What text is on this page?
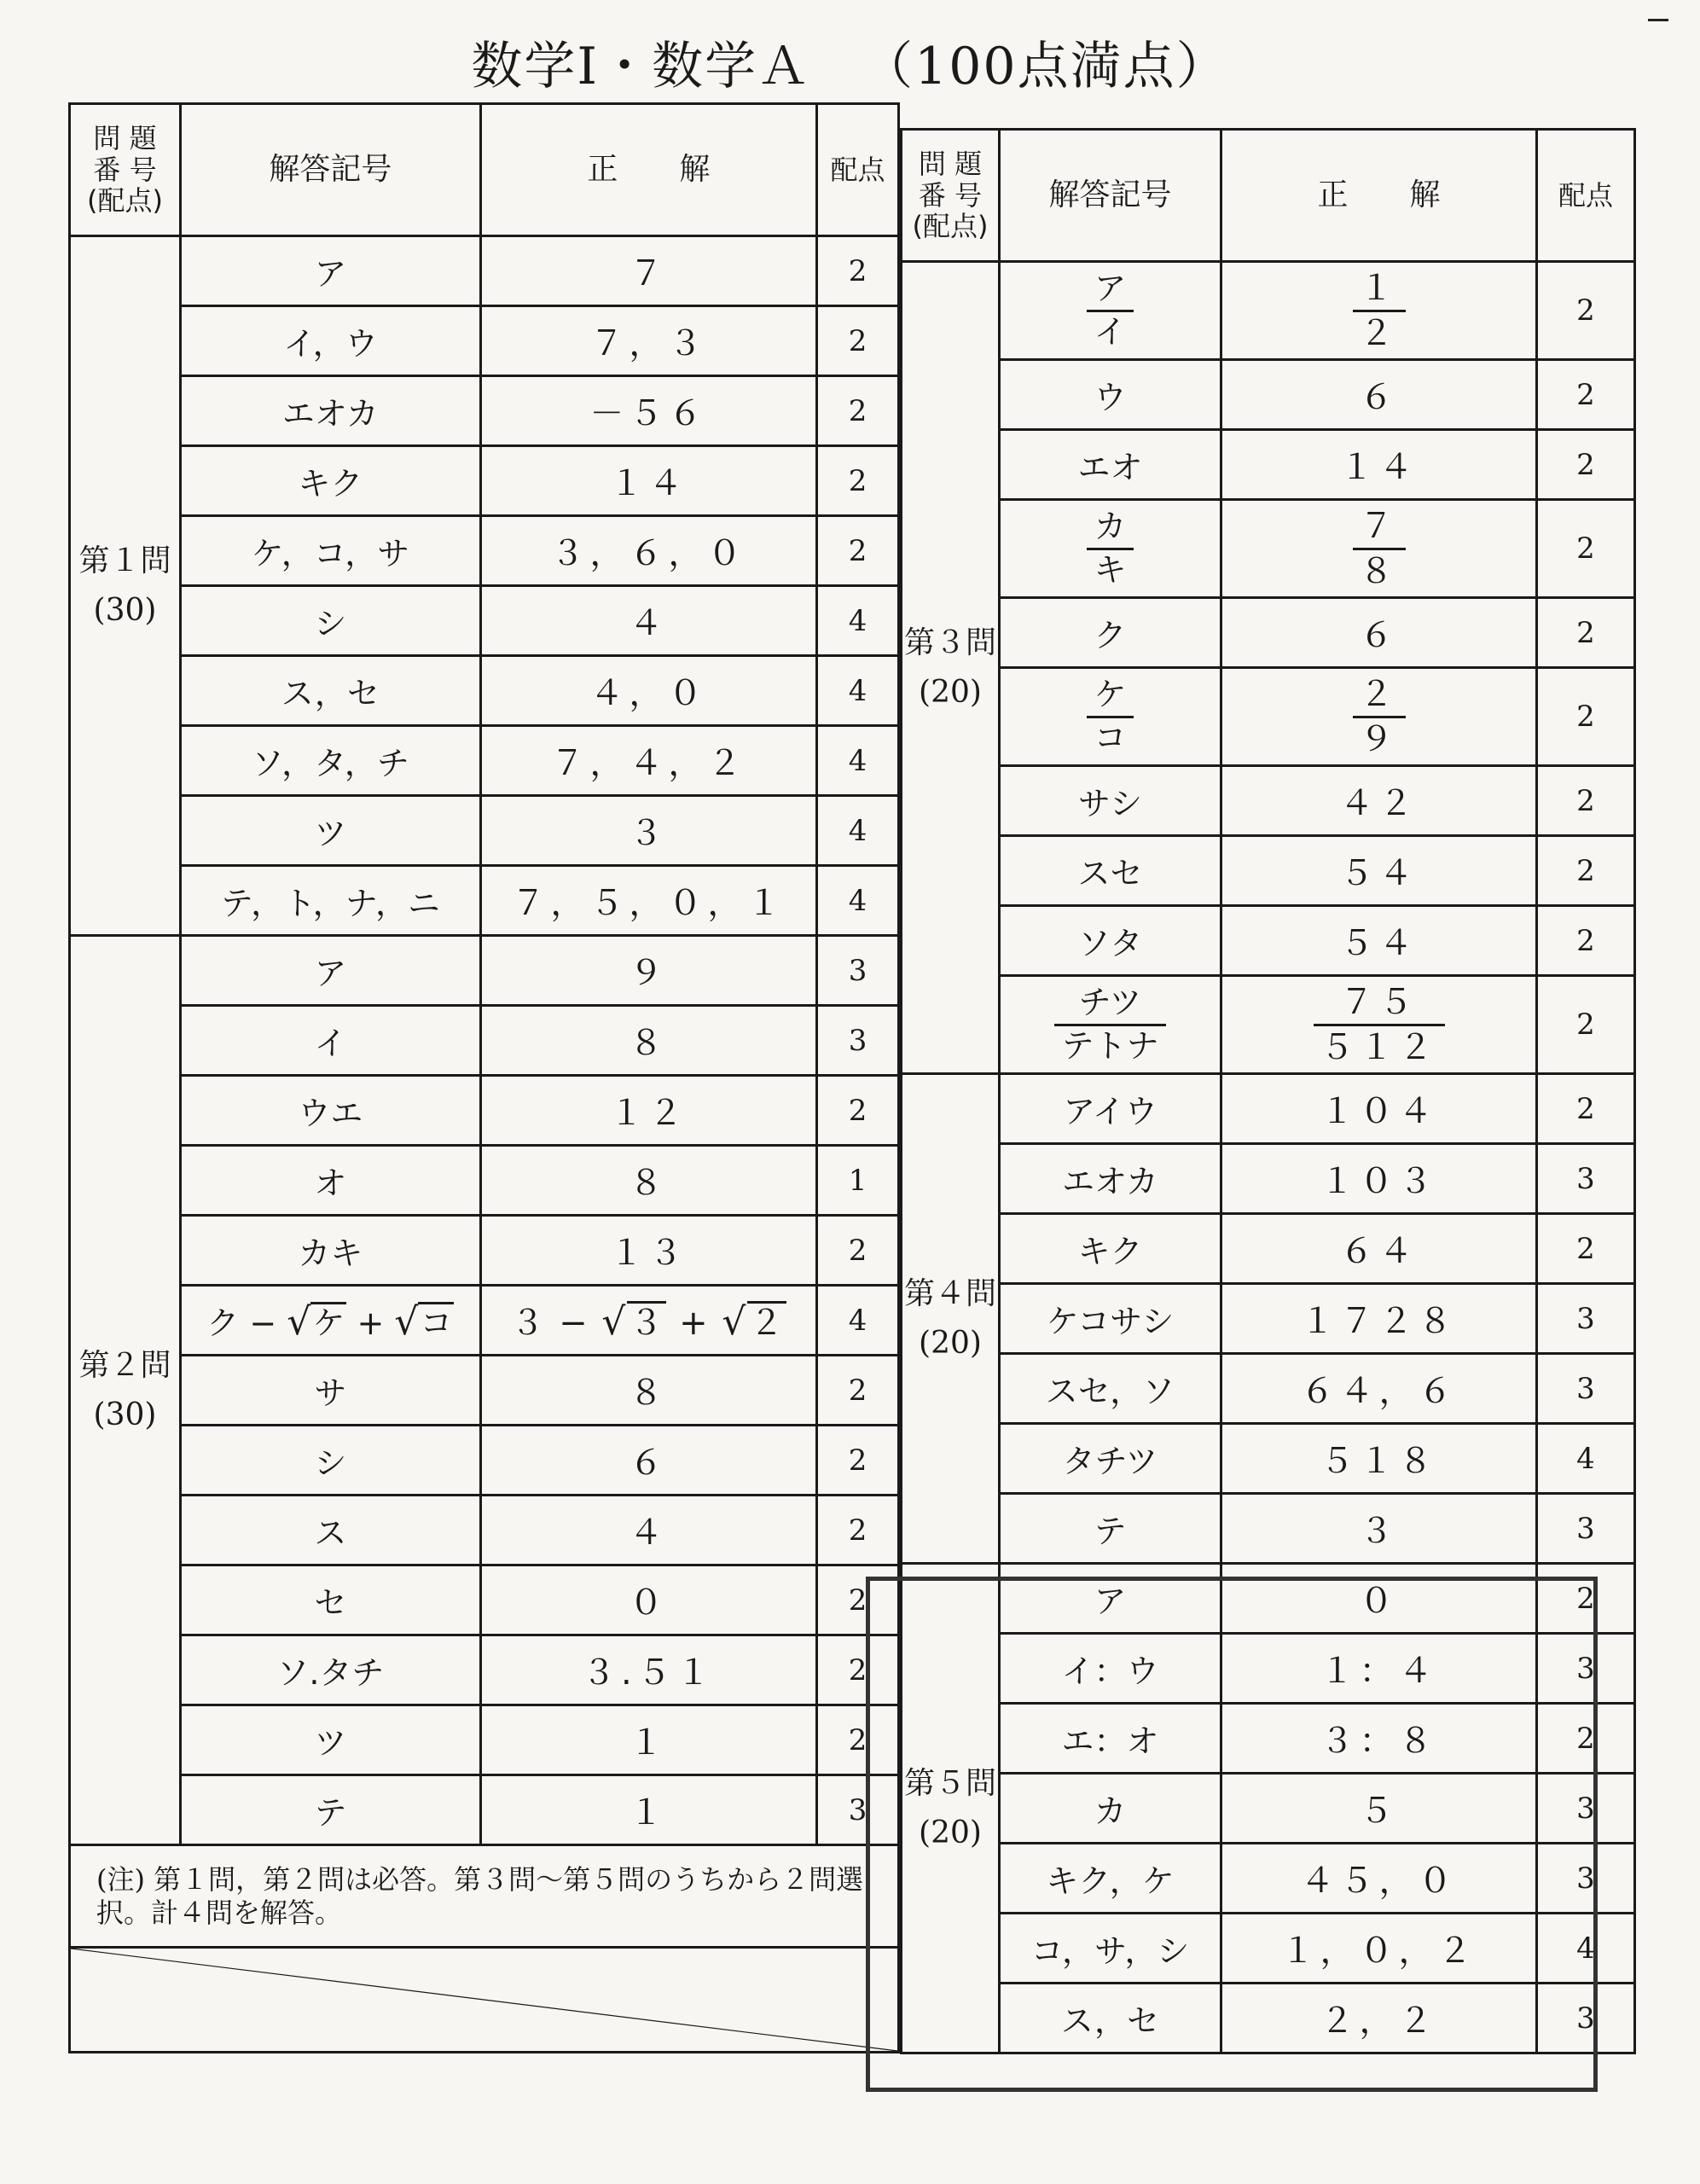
数学Ⅰ・数学Ａ （100点満点）
問 題
番 号
(配点)	解答記号	正　　解	配点
第１問
(30)	ア	７	2
	イ，ウ	７，３	2
	エオカ	－５６	2
	キク	１４	2
	ケ，コ，サ	３，６，０	2
	シ	４	4
	ス，セ	４，０	4
	ソ，タ，チ	７，４，２	4
	ツ	３	4
	テ，ト，ナ，ニ	７，５，０，１	4
第２問
(30)	ア	９	3
	イ	８	3
	ウエ	１２	2
	オ	８	1
	カキ	１３	2
	ク − √ケ + √コ	３ − √３ + √２	4
	サ	８	2
	シ	６	2
	ス	４	2
	セ	０	2
	ソ.タチ	３.５１	2
	ツ	１	2
	テ	１	3
(注) 第１問，第２問は必答。第３問～第５問のうちから２問選択。計４問を解答。			

問 題
番 号
(配点)	解答記号	正　　解	配点
第３問
(20)	$\frac{\text{ア}}{\text{イ}}$	$\frac{1}{2}$	2
	ウ	６	2
	エオ	１４	2

	$\frac{\text{カ}}{\text{キ}}$	$\frac{7}{8}$	2
	ク	６	2

	$\frac{\text{ケ}}{\text{コ}}$	$\frac{2}{9}$	2
	サシ	４２	2
	スセ	５４	2
	ソタ	５４	2

	$\frac{\text{チツ}}{\text{テトナ}}$	$\frac{75}{512}$	2
第４問
(20)	アイウ	１０４	2
	エオカ	１０３	3
	キク	６４	2
	ケコサシ	１７２８	3
	スセ，ソ	６４，６	3
	タチツ	５１８	4
	テ	３	3
第５問
(20)	ア	０	2
	イ：ウ	１：４	3
	エ：オ	３：８	2
	カ	５	3
	キク，ケ	４５，０	3
	コ，サ，シ	１，０，２	4
	ス，セ	２，２	3
